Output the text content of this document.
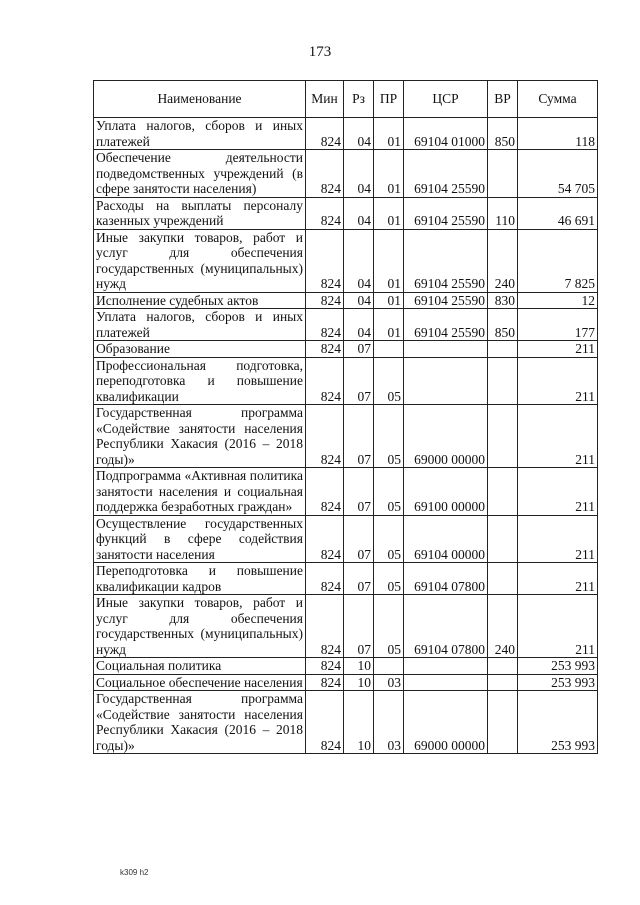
173
Наименование	Мин	Рз	ПР	ЦСР	ВР	Сумма
Уплата налогов, сборов и иных платежей	824	04	01	69104 01000	850	118
Обеспечение деятельности подведомственных учреждений (в сфере занятости населения)	824	04	01	69104 25590		54 705
Расходы на выплаты персоналу казенных учреждений	824	04	01	69104 25590	110	46 691
Иные закупки товаров, работ и услуг для обеспечения государственных (муниципальных) нужд	824	04	01	69104 25590	240	7 825
Исполнение судебных актов	824	04	01	69104 25590	830	12
Уплата налогов, сборов и иных платежей	824	04	01	69104 25590	850	177
Образование	824	07				211
Профессиональная подготовка, переподготовка и повышение квалификации	824	07	05			211
Государственная программа «Содействие занятости населения Республики Хакасия (2016 – 2018 годы)»	824	07	05	69000 00000		211
Подпрограмма «Активная политика занятости населения и социальная поддержка безработных граждан»	824	07	05	69100 00000		211
Осуществление государственных функций в сфере содействия занятости населения	824	07	05	69104 00000		211
Переподготовка и повышение квалификации кадров	824	07	05	69104 07800		211
Иные закупки товаров, работ и услуг для обеспечения государственных (муниципальных) нужд	824	07	05	69104 07800	240	211
Социальная политика	824	10				253 993
Социальное обеспечение населения	824	10	03			253 993
Государственная программа «Содействие занятости населения Республики Хакасия (2016 – 2018 годы)»	824	10	03	69000 00000		253 993
k309 h2
